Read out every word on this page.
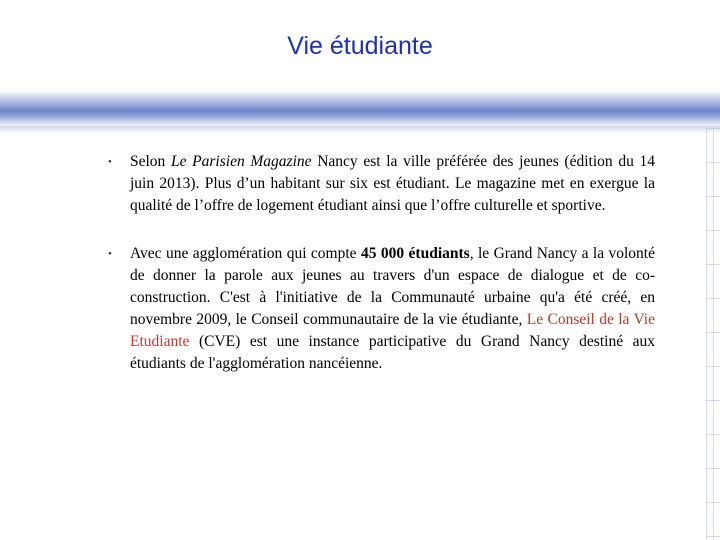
Vie étudiante
• Selon Le Parisien Magazine Nancy est la ville préférée des jeunes (édition du 14 juin 2013). Plus d’un habitant sur six est étudiant. Le magazine met en exergue la qualité de l’offre de logement étudiant ainsi que l’offre culturelle et sportive.
• Avec une agglomération qui compte 45 000 étudiants, le Grand Nancy a la volonté de donner la parole aux jeunes au travers d'un espace de dialogue et de co-construction. C'est à l'initiative de la Communauté urbaine qu'a été créé, en novembre 2009, le Conseil communautaire de la vie étudiante, Le Conseil de la Vie Etudiante (CVE) est une instance participative du Grand Nancy destiné aux étudiants de l'agglomération nancéienne.
